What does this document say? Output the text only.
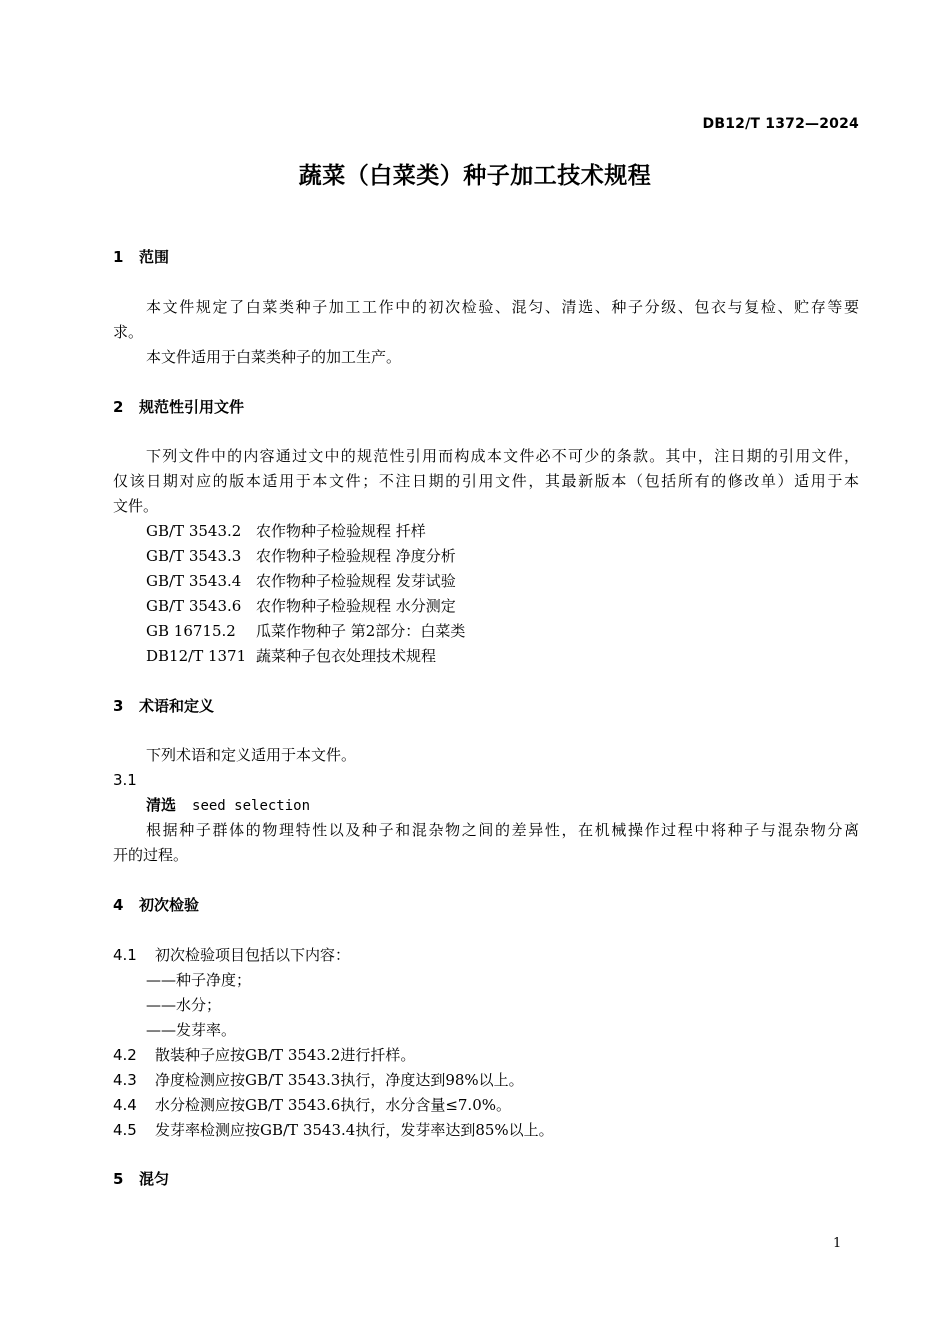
DB12/T 1372—2024
蔬菜（白菜类）种子加工技术规程
1 范围
本文件规定了白菜类种子加工工作中的初次检验、混匀、清选、种子分级、包衣与复检、贮存等要
求。
本文件适用于白菜类种子的加工生产。
2 规范性引用文件
下列文件中的内容通过文中的规范性引用而构成本文件必不可少的条款。其中，注日期的引用文件，
仅该日期对应的版本适用于本文件；不注日期的引用文件，其最新版本（包括所有的修改单）适用于本
文件。
GB/T 3543.2 农作物种子检验规程 扦样
GB/T 3543.3 农作物种子检验规程 净度分析
GB/T 3543.4 农作物种子检验规程 发芽试验
GB/T 3543.6 农作物种子检验规程 水分测定
GB 16715.2 瓜菜作物种子 第2部分：白菜类
DB12/T 1371 蔬菜种子包衣处理技术规程
3 术语和定义
下列术语和定义适用于本文件。
3.1
清选 seed selection
根据种子群体的物理特性以及种子和混杂物之间的差异性，在机械操作过程中将种子与混杂物分离
开的过程。
4 初次检验
4.1 初次检验项目包括以下内容：
——种子净度；
——水分；
——发芽率。
4.2 散装种子应按GB/T 3543.2进行扦样。
4.3 净度检测应按GB/T 3543.3执行，净度达到98%以上。
4.4 水分检测应按GB/T 3543.6执行，水分含量≤7.0%。
4.5 发芽率检测应按GB/T 3543.4执行，发芽率达到85%以上。
5 混匀
1
